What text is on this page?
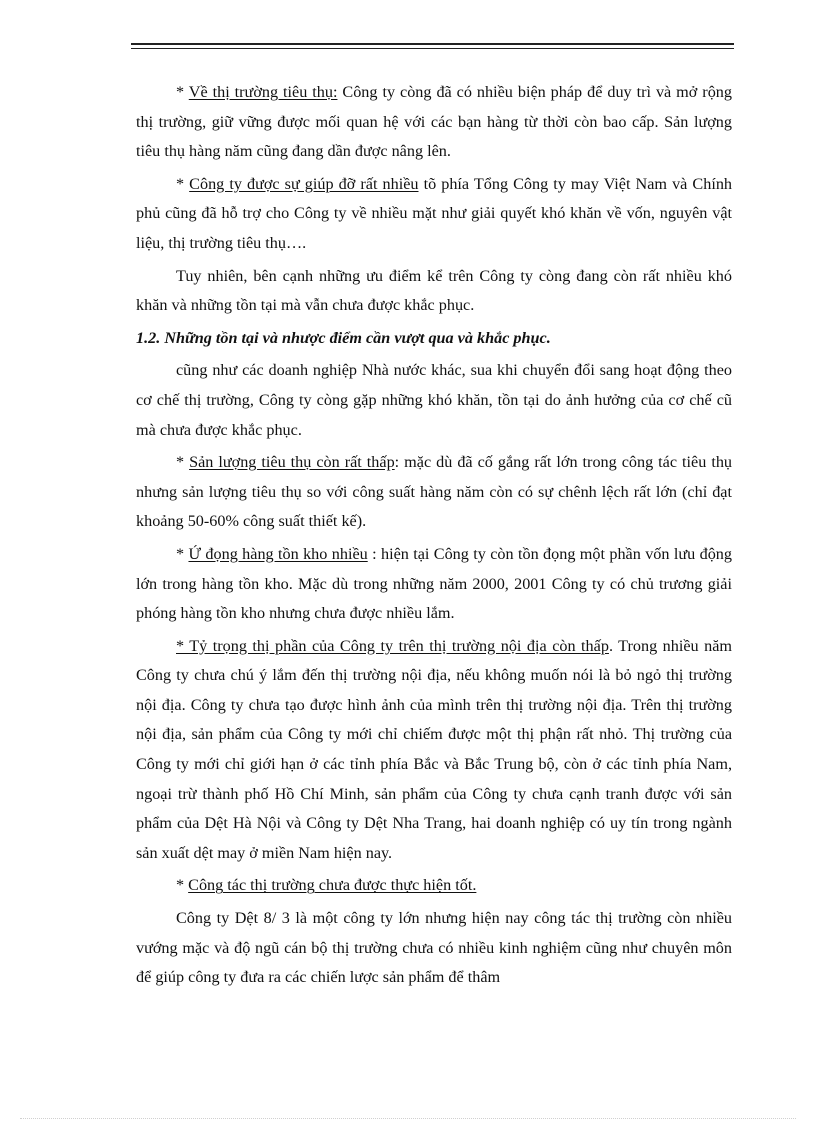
* Về thị trường tiêu thụ: Công ty còng đã có nhiều biện pháp để duy trì và mở rộng thị trường, giữ vững được mối quan hệ với các bạn hàng từ thời còn bao cấp. Sản lượng tiêu thụ hàng năm cũng đang dần được nâng lên.

* Công ty được sự giúp đỡ rất nhiều tõ phía Tổng Công ty may Việt Nam và Chính phủ cũng đã hỗ trợ cho Công ty về nhiều mặt như giải quyết khó khăn về vốn, nguyên vật liệu, thị trường tiêu thụ….

Tuy nhiên, bên cạnh những ưu điểm kể trên Công ty còng đang còn rất nhiều khó khăn và những tồn tại mà vẫn chưa được khắc phục.

1.2. Những tồn tại và nhược điểm cần vượt qua và khắc phục.

cũng như các doanh nghiệp Nhà nước khác, sua khi chuyển đổi sang hoạt động theo cơ chế thị trường, Công ty còng gặp những khó khăn, tồn tại do ảnh hưởng của cơ chế cũ mà chưa được khắc phục.

* Sản lượng tiêu thụ còn rất thấp: mặc dù đã cố gắng rất lớn trong công tác tiêu thụ nhưng sản lượng tiêu thụ so với công suất hàng năm còn có sự chênh lệch rất lớn (chỉ đạt khoảng 50-60% công suất thiết kế).

* Ứ đọng hàng tồn kho nhiều : hiện tại Công ty còn tồn đọng một phần vốn lưu động lớn trong hàng tồn kho. Mặc dù trong những năm 2000, 2001 Công ty có chủ trương giải phóng hàng tồn kho nhưng chưa được nhiều lắm.

* Tỷ trọng thị phần của Công ty trên thị trường nội địa còn thấp. Trong nhiều năm Công ty chưa chú ý lắm đến thị trường nội địa, nếu không muốn nói là bỏ ngỏ thị trường nội địa. Công ty chưa tạo được hình ảnh của mình trên thị trường nội địa. Trên thị trường nội địa, sản phẩm của Công ty mới chỉ chiếm được một thị phận rất nhỏ. Thị trường của Công ty mới chỉ giới hạn ở các tỉnh phía Bắc và Bắc Trung bộ, còn ở các tỉnh phía Nam, ngoại trừ thành phố Hồ Chí Minh, sản phẩm của Công ty chưa cạnh tranh được với sản phẩm của Dệt Hà Nội và Công ty Dệt Nha Trang, hai doanh nghiệp có uy tín trong ngành sản xuất dệt may ở miền Nam hiện nay.

* Công tác thị trường chưa được thực hiện tốt.

Công ty Dệt 8/ 3 là một công ty lớn nhưng hiện nay công tác thị trường còn nhiều vướng mặc và độ ngũ cán bộ thị trường chưa có nhiều kinh nghiệm cũng như chuyên môn để giúp công ty đưa ra các chiến lược sản phẩm để thâm
